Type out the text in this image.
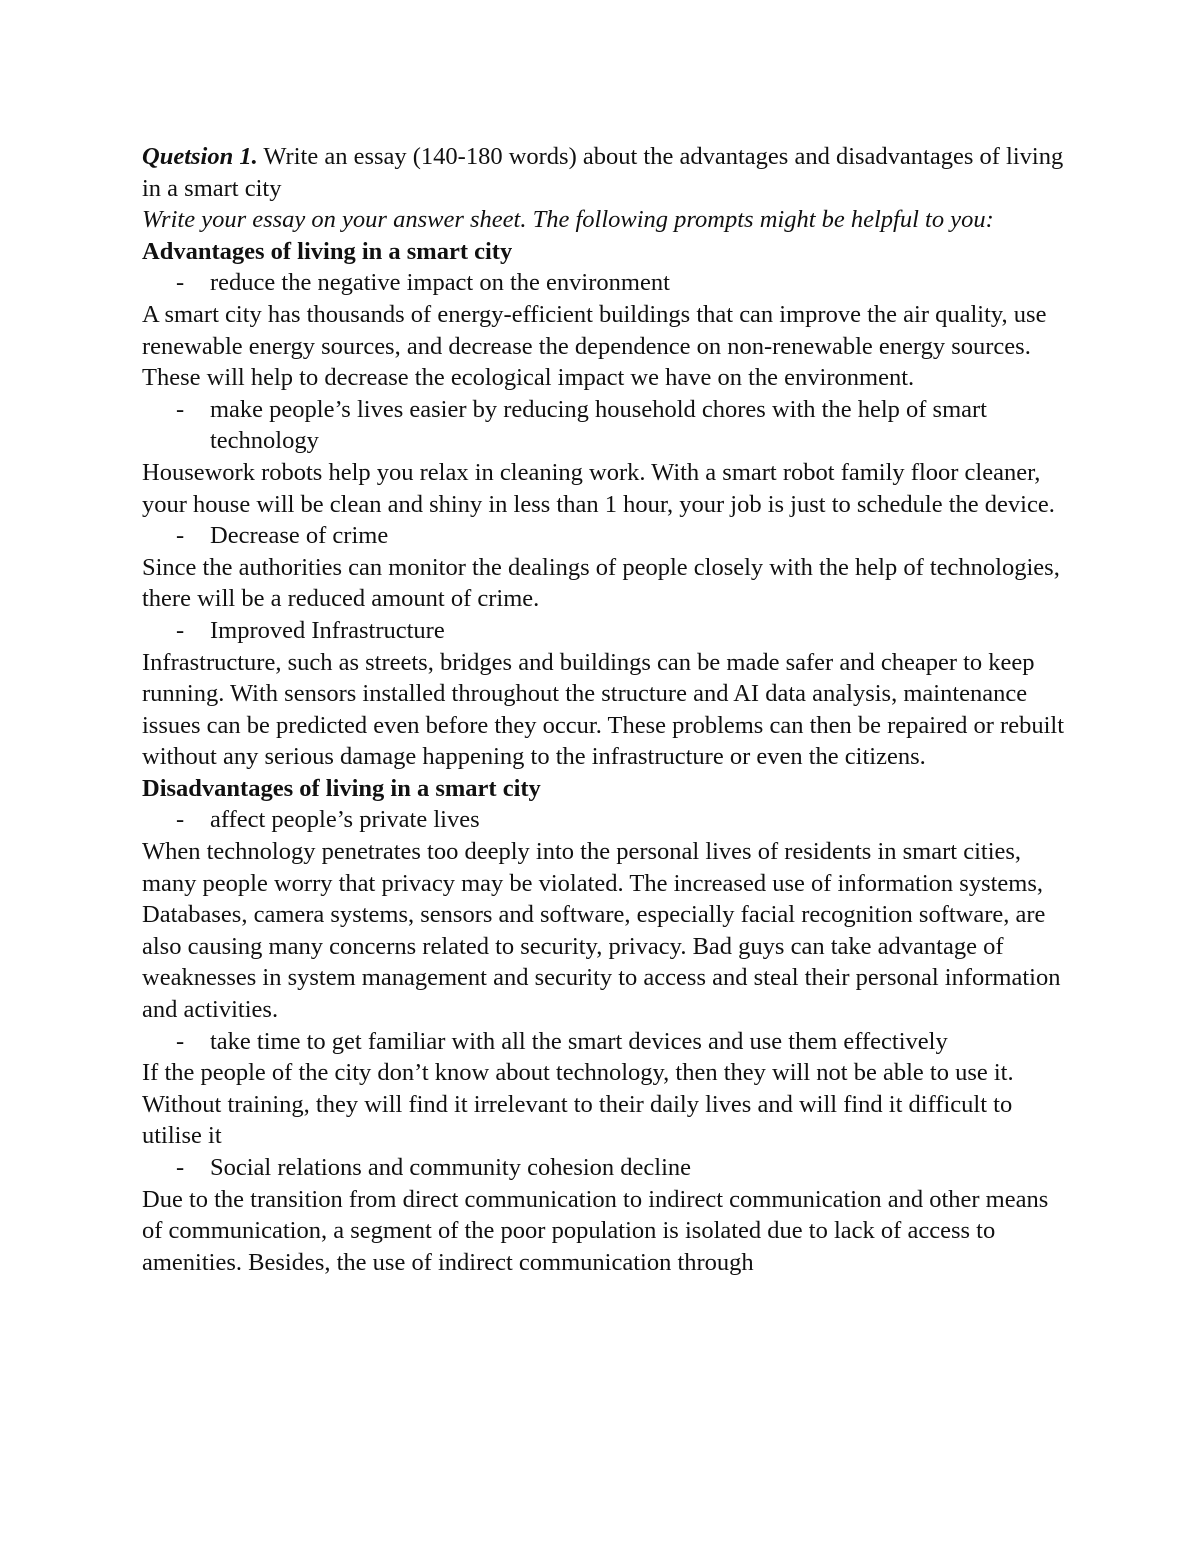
Quetsion 1. Write an essay (140-180 words) about the advantages and disadvantages of living in a smart city

Write your essay on your answer sheet. The following prompts might be helpful to you:

Advantages of living in a smart city

-	reduce the negative impact on the environment

A smart city has thousands of energy-efficient buildings that can improve the air quality, use renewable energy sources, and decrease the dependence on non-renewable energy sources. These will help to decrease the ecological impact we have on the environment.

-	make people’s lives easier by reducing household chores with the help of smart technology

Housework robots help you relax in cleaning work. With a smart robot family floor cleaner, your house will be clean and shiny in less than 1 hour, your job is just to schedule the device.

-	Decrease of crime

Since the authorities can monitor the dealings of people closely with the help of technologies, there will be a reduced amount of crime.

-	Improved Infrastructure

Infrastructure, such as streets, bridges and buildings can be made safer and cheaper to keep running. With sensors installed throughout the structure and AI data analysis, maintenance issues can be predicted even before they occur. These problems can then be repaired or rebuilt without any serious damage happening to the infrastructure or even the citizens.

Disadvantages of living in a smart city

-	affect people’s private lives

When technology penetrates too deeply into the personal lives of residents in smart cities, many people worry that privacy may be violated. The increased use of information systems, Databases, camera systems, sensors and software, especially facial recognition software, are also causing many concerns related to security, privacy. Bad guys can take advantage of weaknesses in system management and security to access and steal their personal information and activities.

-	take time to get familiar with all the smart devices and use them effectively

If the people of the city don’t know about technology, then they will not be able to use it. Without training, they will find it irrelevant to their daily lives and will find it difficult to utilise it

-	Social relations and community cohesion decline

Due to the transition from direct communication to indirect communication and other means of communication, a segment of the poor population is isolated due to lack of access to amenities. Besides, the use of indirect communication through
